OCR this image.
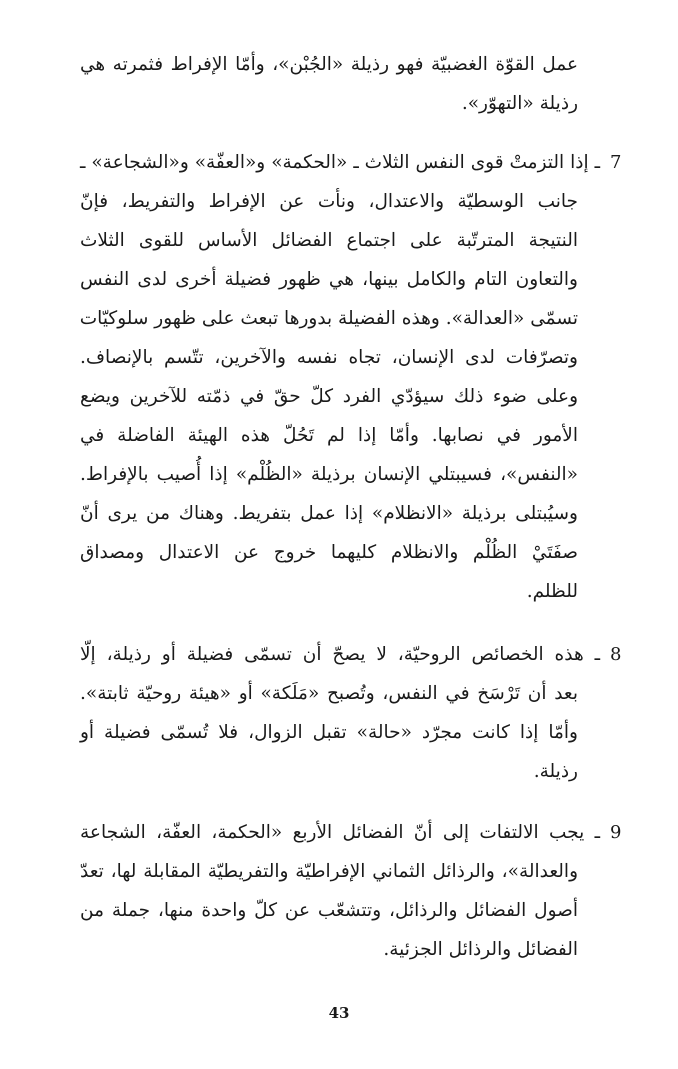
عمل القوّة الغضبيّة فهو رذيلة «الجُبْن»، وأمّا الإفراط فثمرته هي
رذيلة «التهوّر».
7
ـ إذا التزمتْ قوى النفس الثلاث ـ «الحكمة» و«العفّة» و«الشجاعة» ـ
جانب الوسطيّة والاعتدال، ونأت عن الإفراط والتفريط، فإنّ
النتيجة المترتّبة على اجتماع الفضائل الأساس للقوى الثلاث
والتعاون التام والكامل بينها، هي ظهور فضيلة أخرى لدى النفس
تسمّى «العدالة». وهذه الفضيلة بدورها تبعث على ظهور سلوكيّات
وتصرّفات لدى الإنسان، تجاه نفسه والآخرين، تتّسم بالإنصاف.
وعلى ضوء ذلك سيؤدّي الفرد كلّ حقّ في ذمّته للآخرين ويضع
الأمور في نصابها. وأمّا إذا لم تَحُلّ هذه الهيئة الفاضلة في
«النفس»، فسيبتلي الإنسان برذيلة «الظُلْم» إذا أُصيب بالإفراط.
وسيُبتلى برذيلة «الانظلام» إذا عمل بتفريط. وهناك من يرى أنّ
صفَتَيْ الظُلْم والانظلام كليهما خروج عن الاعتدال ومصداق
للظلم.
8
ـ هذه الخصائص الروحيّة، لا يصحّ أن تسمّى فضيلة أو رذيلة، إلّا
بعد أن تَرْسَخ في النفس، وتُصبح «مَلَكة» أو «هيئة روحيّة ثابتة».
وأمّا إذا كانت مجرّد «حالة» تقبل الزوال، فلا تُسمّى فضيلة أو
رذيلة.
9
ـ يجب الالتفات إلى أنّ الفضائل الأربع «الحكمة، العفّة، الشجاعة
والعدالة»، والرذائل الثماني الإفراطيّة والتفريطيّة المقابلة لها، تعدّ
أصول الفضائل والرذائل، وتتشعّب عن كلّ واحدة منها، جملة من
الفضائل والرذائل الجزئية.
43
